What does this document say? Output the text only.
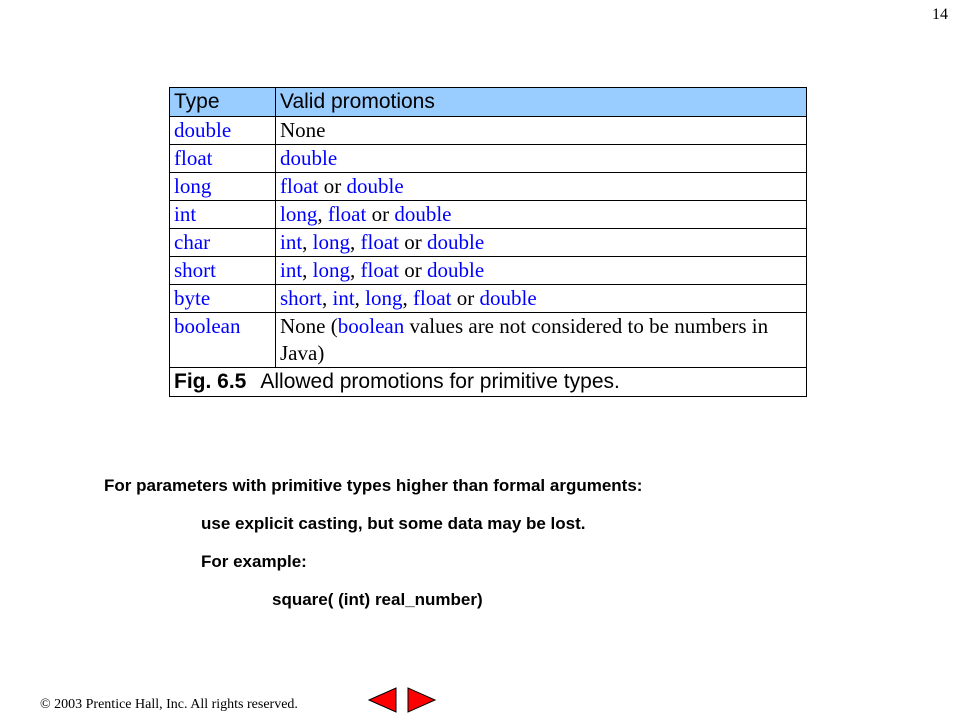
14
Type	Valid promotions
double	None
float	double
long	float or double
int	long, float or double
char	int, long, float or double
short	int, long, float or double
byte	short, int, long, float or double
boolean	None (boolean values are not considered to be numbers in Java)
Fig. 6.5 Allowed promotions for primitive types.	
For parameters with primitive types higher than formal arguments:
use explicit casting, but some data may be lost.
For example:
square( (int) real_number)
© 2003 Prentice Hall, Inc. All rights reserved.
